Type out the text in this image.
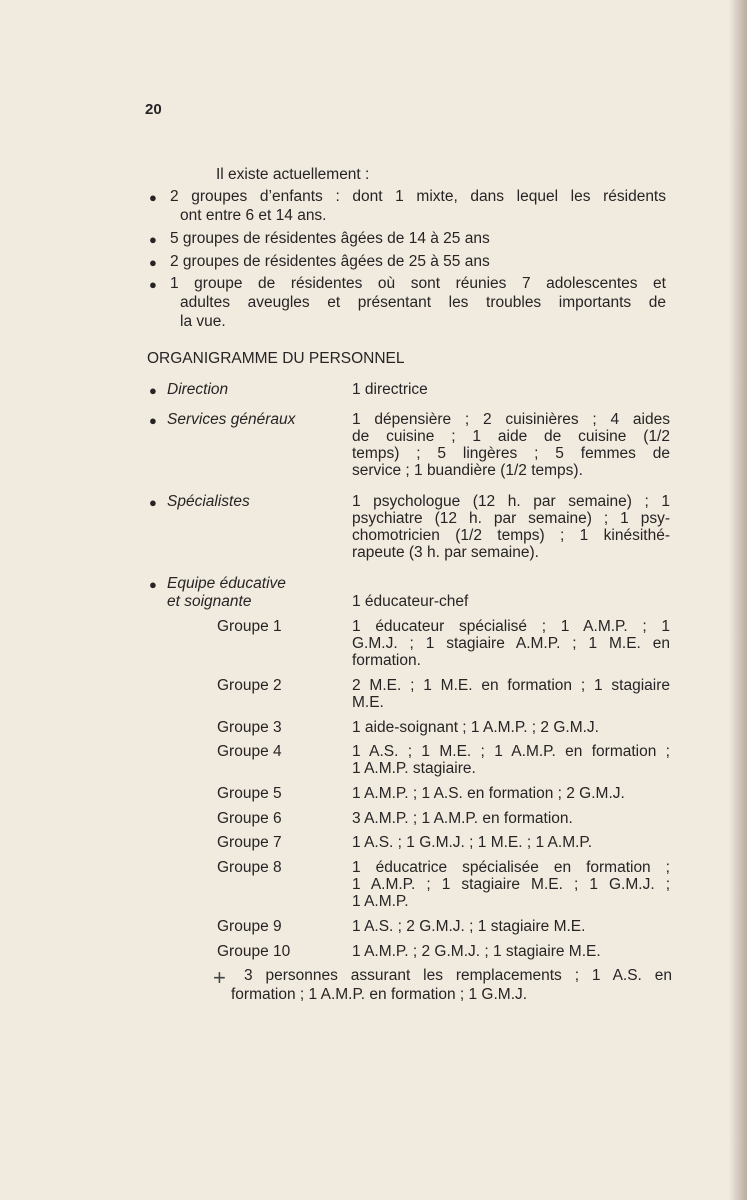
20
Il existe actuellement :
● 2 groupes d’enfants : dont 1 mixte, dans lequel les résidents
ont entre 6 et 14 ans.
● 5 groupes de résidentes âgées de 14 à 25 ans
● 2 groupes de résidentes âgées de 25 à 55 ans
● 1 groupe de résidentes où sont réunies 7 adolescentes et
adultes aveugles et présentant les troubles importants de
la vue.
ORGANIGRAMME DU PERSONNEL
● Direction	1 directrice
● Services généraux	1 dépensière ; 2 cuisinières ; 4 aides
de cuisine ; 1 aide de cuisine (1/2
temps) ; 5 lingères ; 5 femmes de
service ; 1 buandière (1/2 temps).
● Spécialistes	1 psychologue (12 h. par semaine) ; 1
psychiatre (12 h. par semaine) ; 1 psy-
chomotricien (1/2 temps) ; 1 kinésithé-
rapeute (3 h. par semaine).
● Equipe éducative
et soignante	1 éducateur-chef
Groupe 1	1 éducateur spécialisé ; 1 A.M.P. ; 1
G.M.J. ; 1 stagiaire A.M.P. ; 1 M.E. en
formation.
Groupe 2	2 M.E. ; 1 M.E. en formation ; 1 stagiaire
M.E.
Groupe 3	1 aide-soignant ; 1 A.M.P. ; 2 G.M.J.
Groupe 4	1 A.S. ; 1 M.E. ; 1 A.M.P. en formation ;
1 A.M.P. stagiaire.
Groupe 5	1 A.M.P. ; 1 A.S. en formation ; 2 G.M.J.
Groupe 6	3 A.M.P. ; 1 A.M.P. en formation.
Groupe 7	1 A.S. ; 1 G.M.J. ; 1 M.E. ; 1 A.M.P.
Groupe 8	1 éducatrice spécialisée en formation ;
1 A.M.P. ; 1 stagiaire M.E. ; 1 G.M.J. ;
1 A.M.P.
Groupe 9	1 A.S. ; 2 G.M.J. ; 1 stagiaire M.E.
Groupe 10	1 A.M.P. ; 2 G.M.J. ; 1 stagiaire M.E.
+ 3 personnes assurant les remplacements ; 1 A.S. en
formation ; 1 A.M.P. en formation ; 1 G.M.J.
